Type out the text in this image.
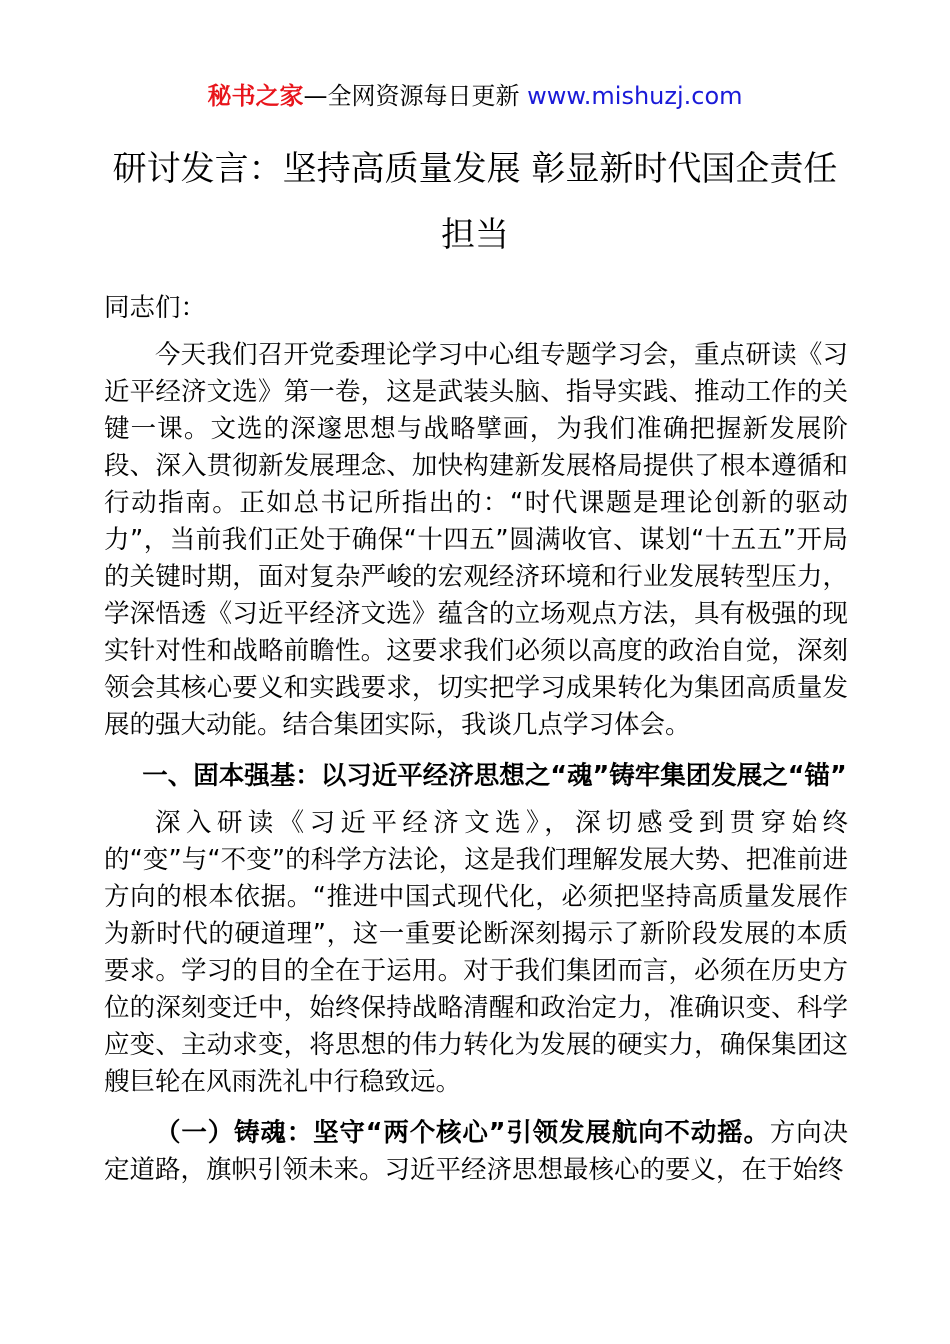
秘书之家—全网资源每日更新 www.mishuzj.com
研讨发言：坚持高质量发展 彰显新时代国企责任担当

同志们：

今天我们召开党委理论学习中心组专题学习会，重点研读《习近平经济文选》第一卷，这是武装头脑、指导实践、推动工作的关键一课。文选的深邃思想与战略擘画，为我们准确把握新发展阶段、深入贯彻新发展理念、加快构建新发展格局提供了根本遵循和行动指南。正如总书记所指出的：“时代课题是理论创新的驱动力”，当前我们正处于确保“十四五”圆满收官、谋划“十五五”开局的关键时期，面对复杂严峻的宏观经济环境和行业发展转型压力，学深悟透《习近平经济文选》蕴含的立场观点方法，具有极强的现实针对性和战略前瞻性。这要求我们必须以高度的政治自觉，深刻领会其核心要义和实践要求，切实把学习成果转化为集团高质量发展的强大动能。结合集团实际，我谈几点学习体会。

一、固本强基：以习近平经济思想之“魂”铸牢集团发展之“锚”

深入研读《习近平经济文选》，深切感受到贯穿始终的“变”与“不变”的科学方法论，这是我们理解发展大势、把准前进方向的根本依据。“推进中国式现代化，必须把坚持高质量发展作为新时代的硬道理”，这一重要论断深刻揭示了新阶段发展的本质要求。学习的目的全在于运用。对于我们集团而言，必须在历史方位的深刻变迁中，始终保持战略清醒和政治定力，准确识变、科学应变、主动求变，将思想的伟力转化为发展的硬实力，确保集团这艘巨轮在风雨洗礼中行稳致远。

（一）铸魂：坚守“两个核心”引领发展航向不动摇。方向决定道路，旗帜引领未来。习近平经济思想最核心的要义，在于始终
